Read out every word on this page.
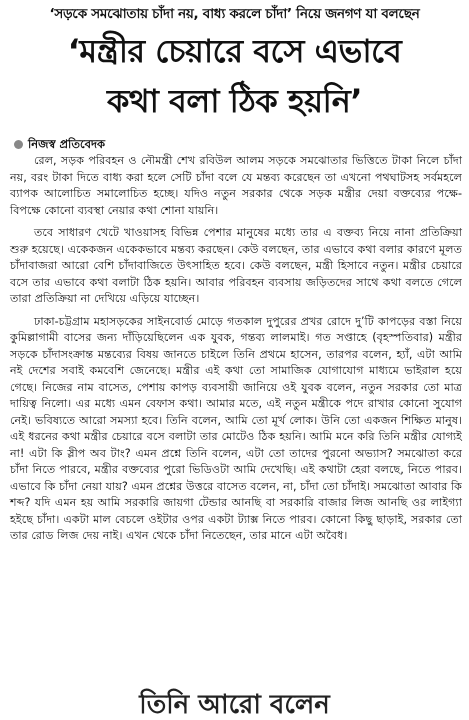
‘সড়কে সমঝোতায় চাঁদা নয়, বাধ্য করলে চাঁদা’ নিয়ে জনগণ যা বলছেন
‘মন্ত্রীর চেয়ারে বসে এভাবে
কথা বলা ঠিক হয়নি’
নিজস্ব প্রতিবেদক

রেল, সড়ক পরিবহন ও নৌমন্ত্রী শেখ রবিউল আলম সড়কে সমঝোতার ভিত্তিতে টাকা নিলে চাঁদা নয়, বরং টাকা দিতে বাধ্য করা হলে সেটি চাঁদা বলে যে মন্তব্য করেছেন তা এখনো পথঘাটসহ সর্বমহলে ব্যাপক আলোচিত সমালোচিত হচ্ছে। যদিও নতুন সরকার থেকে সড়ক মন্ত্রীর দেয়া বক্তব্যের পক্ষে-বিপক্ষে কোনো ব্যবস্থা নেয়ার কথা শোনা যায়নি।

তবে সাধারণ খেটে খাওয়াসহ বিভিন্ন পেশার মানুষের মধ্যে তার এ বক্তব্য নিয়ে নানা প্রতিক্রিয়া শুরু হয়েছে। একেকজন একেকভাবে মন্তব্য করছেন। কেউ বলছেন, তার এভাবে কথা বলার কারণে মূলত চাঁদাবাজরা আরো বেশি চাঁদাবাজিতে উৎসাহিত হবে। কেউ বলছেন, মন্ত্রী হিসাবে নতুন। মন্ত্রীর চেয়ারে বসে তার এভাবে কথা বলাটা ঠিক হয়নি। আবার পরিবহন ব্যবসায় জড়িতদের সাথে কথা বলতে গেলে তারা প্রতিক্রিয়া না দেখিয়ে এড়িয়ে যাচ্ছেন।

ঢাকা-চট্টগ্রাম মহাসড়কের সাইনবোর্ড মোড়ে গতকাল দুপুরের প্রখর রোদে দু’টি কাপড়ের বস্তা নিয়ে কুমিল্লাগামী বাসের জন্য দাঁড়িয়েছিলেন এক যুবক, গন্তব্য লালমাই। গত সপ্তাহে (বৃহস্পতিবার) মন্ত্রীর সড়কে চাঁদাসংক্রান্ত মন্তব্যের বিষয় জানতে চাইলে তিনি প্রথমে হাসেন, তারপর বলেন, হ্যাঁ, এটা আমি নই দেশের সবাই কমবেশি জেনেছে। মন্ত্রীর এই কথা তো সামাজিক যোগাযোগ মাধ্যমে ভাইরাল হয়ে গেছে। নিজের নাম বাসেত, পেশায় কাপড় ব্যবসায়ী জানিয়ে ওই যুবক বলেন, নতুন সরকার তো মাত্র দায়িত্ব নিলো। এর মধ্যে এমন বেফাস কথা। আমার মতে, এই নতুন মন্ত্রীকে পদে রাখার কোনো সুযোগ নেই। ভবিষ্যতে আরো সমস্যা হবে। তিনি বলেন, আমি তো মূর্খ লোক। উনি তো একজন শিক্ষিত মানুষ। এই ধরনের কথা মন্ত্রীর চেয়ারে বসে বলাটা তার মোটেও ঠিক হয়নি। আমি মনে করি তিনি মন্ত্রীর যোগ্যই না! এটা কি স্লীপ অব টাং? এমন প্রশ্নে তিনি বলেন, এটা তো তাদের পুরনো অভ্যাস? সমঝোতা করে চাঁদা নিতে পারবে, মন্ত্রীর বক্তব্যের পুরো ভিডিওটা আমি দেখেছি। এই কথাটা হেরা বলছে, নিতে পারব। এভাবে কি চাঁদা নেয়া যায়? এমন প্রশ্নের উত্তরে বাসেত বলেন, না, চাঁদা তো চাঁদাই। সমঝোতা আবার কি শব্দ? যদি এমন হয় আমি সরকারি জায়গা টেন্ডার আনছি বা সরকারি বাজার লিজ আনছি ওর লাইগ্যা হইছে চাঁদা। একটা মাল বেচলে ওইটার ওপর একটা ট্যাক্স নিতে পারব। কোনো কিছু ছাড়াই, সরকার তো তার রোড লিজ দেয় নাই। এখন থেকে চাঁদা নিতেছেন, তার মানে এটা অবৈধ।

তিনি আরো বলেন
